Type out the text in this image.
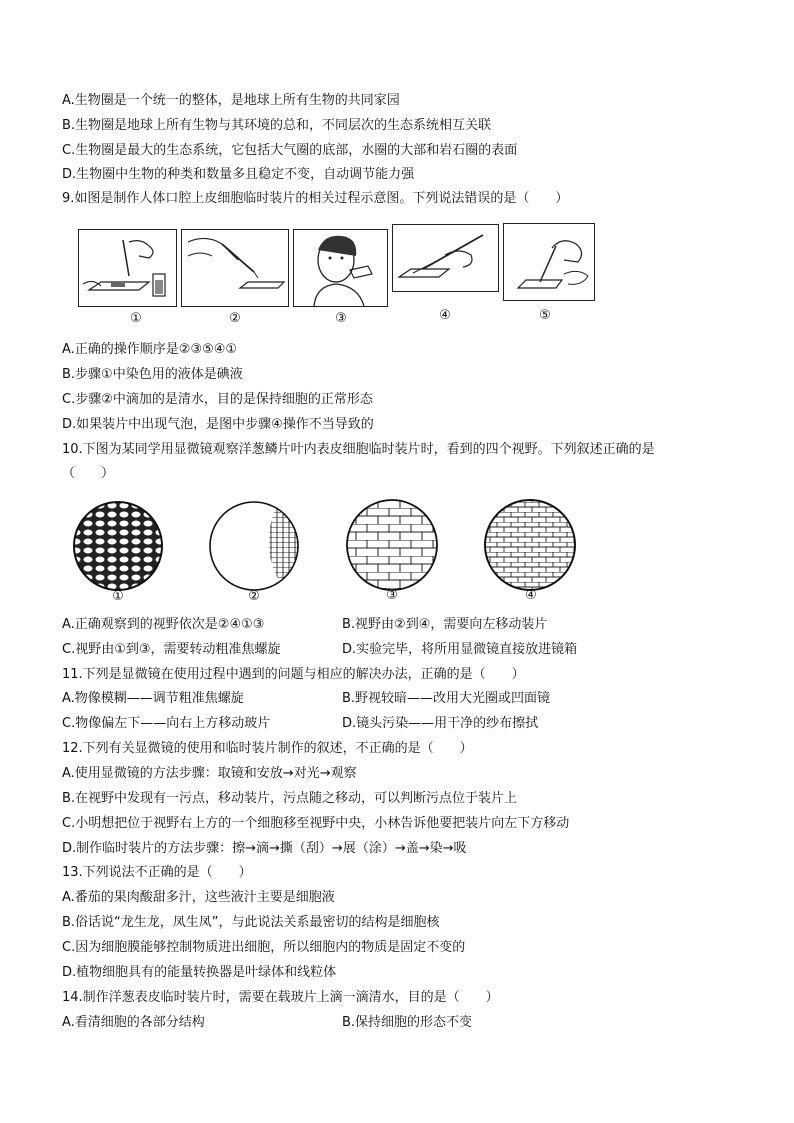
A.生物圈是一个统一的整体，是地球上所有生物的共同家园
B.生物圈是地球上所有生物与其环境的总和，不同层次的生态系统相互关联
C.生物圈是最大的生态系统，它包括大气圈的底部，水圈的大部和岩石圈的表面
D.生物圈中生物的种类和数量多且稳定不变，自动调节能力强
9.如图是制作人体口腔上皮细胞临时装片的相关过程示意图。下列说法错误的是（　　）
①	②	③	④	⑤
A.正确的操作顺序是②③⑤④①
B.步骤①中染色用的液体是碘液
C.步骤②中滴加的是清水，目的是保持细胞的正常形态
D.如果装片中出现气泡，是图中步骤④操作不当导致的
10.下图为某同学用显微镜观察洋葱鳞片叶内表皮细胞临时装片时，看到的四个视野。下列叙述正确的是
（　　）
①	②	③	④
A.正确观察到的视野依次是②④①③	B.视野由②到④，需要向左移动装片
C.视野由①到③，需要转动粗准焦螺旋	D.实验完毕，将所用显微镜直接放进镜箱
11.下列是显微镜在使用过程中遇到的问题与相应的解决办法，正确的是（　　）
A.物像模糊——调节粗准焦螺旋	B.野视较暗——改用大光圈或凹面镜
C.物像偏左下——向右上方移动玻片	D.镜头污染——用干净的纱布擦拭
12.下列有关显微镜的使用和临时装片制作的叙述，不正确的是（　　）
A.使用显微镜的方法步骤：取镜和安放→对光→观察
B.在视野中发现有一污点，移动装片，污点随之移动，可以判断污点位于装片上
C.小明想把位于视野右上方的一个细胞移至视野中央，小林告诉他要把装片向左下方移动
D.制作临时装片的方法步骤：擦→滴→撕（刮）→展（涂）→盖→染→吸
13.下列说法不正确的是（　　）
A.番茄的果肉酸甜多汁，这些液汁主要是细胞液
B.俗话说“龙生龙，凤生凤”，与此说法关系最密切的结构是细胞核
C.因为细胞膜能够控制物质进出细胞，所以细胞内的物质是固定不变的
D.植物细胞具有的能量转换器是叶绿体和线粒体
14.制作洋葱表皮临时装片时，需要在载玻片上滴一滴清水，目的是（　　）
A.看清细胞的各部分结构	B.保持细胞的形态不变
